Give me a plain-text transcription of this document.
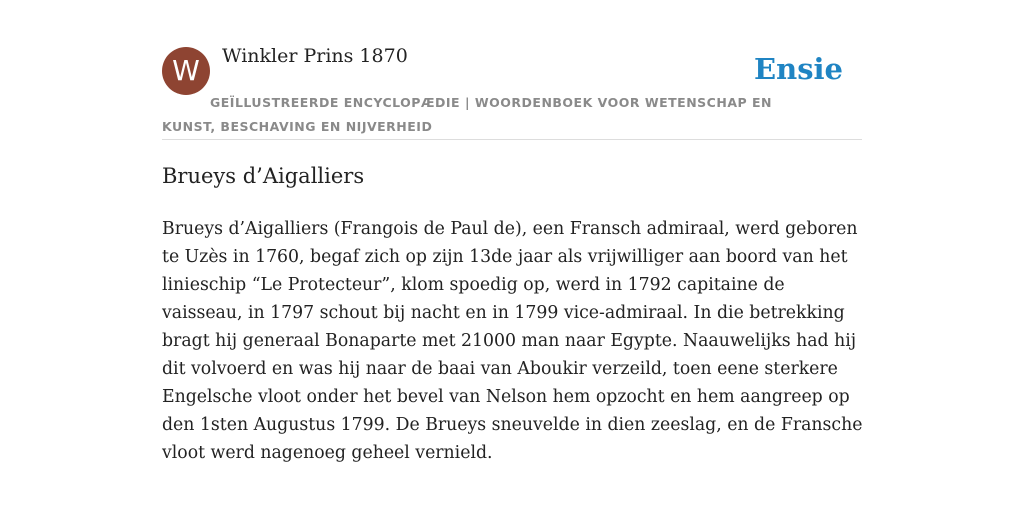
W	Winkler Prins 1870	Ensie
GEÏLLUSTREERDE ENCYCLOPÆDIE | WOORDENBOEK VOOR WETENSCHAP EN KUNST, BESCHAVING EN NIJVERHEID
Brueys d’Aigalliers

Brueys d’Aigalliers (Frangois de Paul de), een Fransch admiraal, werd geboren te Uzès in 1760, begaf zich op zijn 13de jaar als vrijwilliger aan boord van het linieschip “Le Protecteur”, klom spoedig op, werd in 1792 capitaine de vaisseau, in 1797 schout bij nacht en in 1799 vice-admiraal. In die betrekking bragt hij generaal Bonaparte met 21000 man naar Egypte. Naauwelijks had hij dit volvoerd en was hij naar de baai van Aboukir verzeild, toen eene sterkere Engelsche vloot onder het bevel van Nelson hem opzocht en hem aangreep op den 1sten Augustus 1799. De Brueys sneuvelde in dien zeeslag, en de Fransche vloot werd nagenoeg geheel vernield.
